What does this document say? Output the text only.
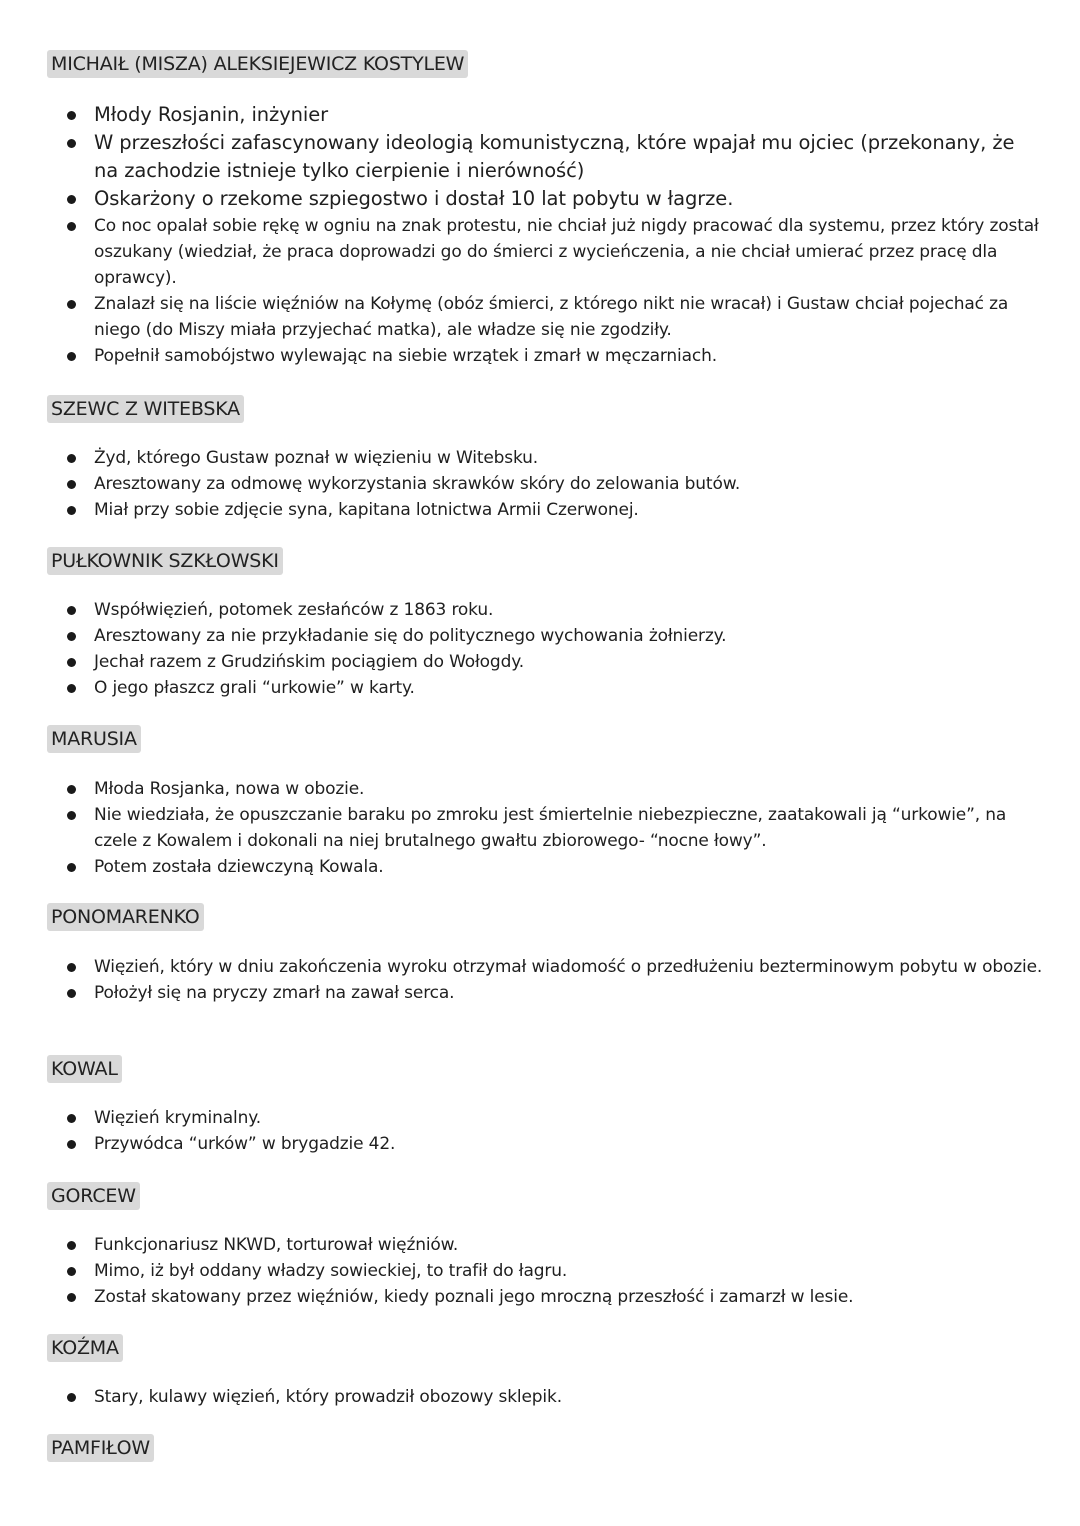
MICHAIŁ (MISZA) ALEKSIEJEWICZ KOSTYLEW
Młody Rosjanin, inżynier
W przeszłości zafascynowany ideologią komunistyczną, które wpajał mu ojciec (przekonany, że na zachodzie istnieje tylko cierpienie i nierówność)
Oskarżony o rzekome szpiegostwo i dostał 10 lat pobytu w łagrze.
Co noc opalał sobie rękę w ogniu na znak protestu, nie chciał już nigdy pracować dla systemu, przez który został oszukany (wiedział, że praca doprowadzi go do śmierci z wycieńczenia, a nie chciał umierać przez pracę dla oprawcy).
Znalazł się na liście więźniów na Kołymę (obóz śmierci, z którego nikt nie wracał) i Gustaw chciał pojechać za niego (do Miszy miała przyjechać matka), ale władze się nie zgodziły.
Popełnił samobójstwo wylewając na siebie wrzątek i zmarł w męczarniach.
SZEWC Z WITEBSKA
Żyd, którego Gustaw poznał w więzieniu w Witebsku.
Aresztowany za odmowę wykorzystania skrawków skóry do zelowania butów.
Miał przy sobie zdjęcie syna, kapitana lotnictwa Armii Czerwonej.
PUŁKOWNIK SZKŁOWSKI
Współwięzień, potomek zesłańców z 1863 roku.
Aresztowany za nie przykładanie się do politycznego wychowania żołnierzy.
Jechał razem z Grudzińskim pociągiem do Wołogdy.
O jego płaszcz grali “urkowie” w karty.
MARUSIA
Młoda Rosjanka, nowa w obozie.
Nie wiedziała, że opuszczanie baraku po zmroku jest śmiertelnie niebezpieczne, zaatakowali ją “urkowie”, na czele z Kowalem i dokonali na niej brutalnego gwałtu zbiorowego- “nocne łowy”.
Potem została dziewczyną Kowala.
PONOMARENKO
Więzień, który w dniu zakończenia wyroku otrzymał wiadomość o przedłużeniu bezterminowym pobytu w obozie.
Położył się na pryczy zmarł na zawał serca.
KOWAL
Więzień kryminalny.
Przywódca “urków” w brygadzie 42.
GORCEW
Funkcjonariusz NKWD, torturował więźniów.
Mimo, iż był oddany władzy sowieckiej, to trafił do łagru.
Został skatowany przez więźniów, kiedy poznali jego mroczną przeszłość i zamarzł w lesie.
KOŹMA
Stary, kulawy więzień, który prowadził obozowy sklepik.
PAMFIŁOW
